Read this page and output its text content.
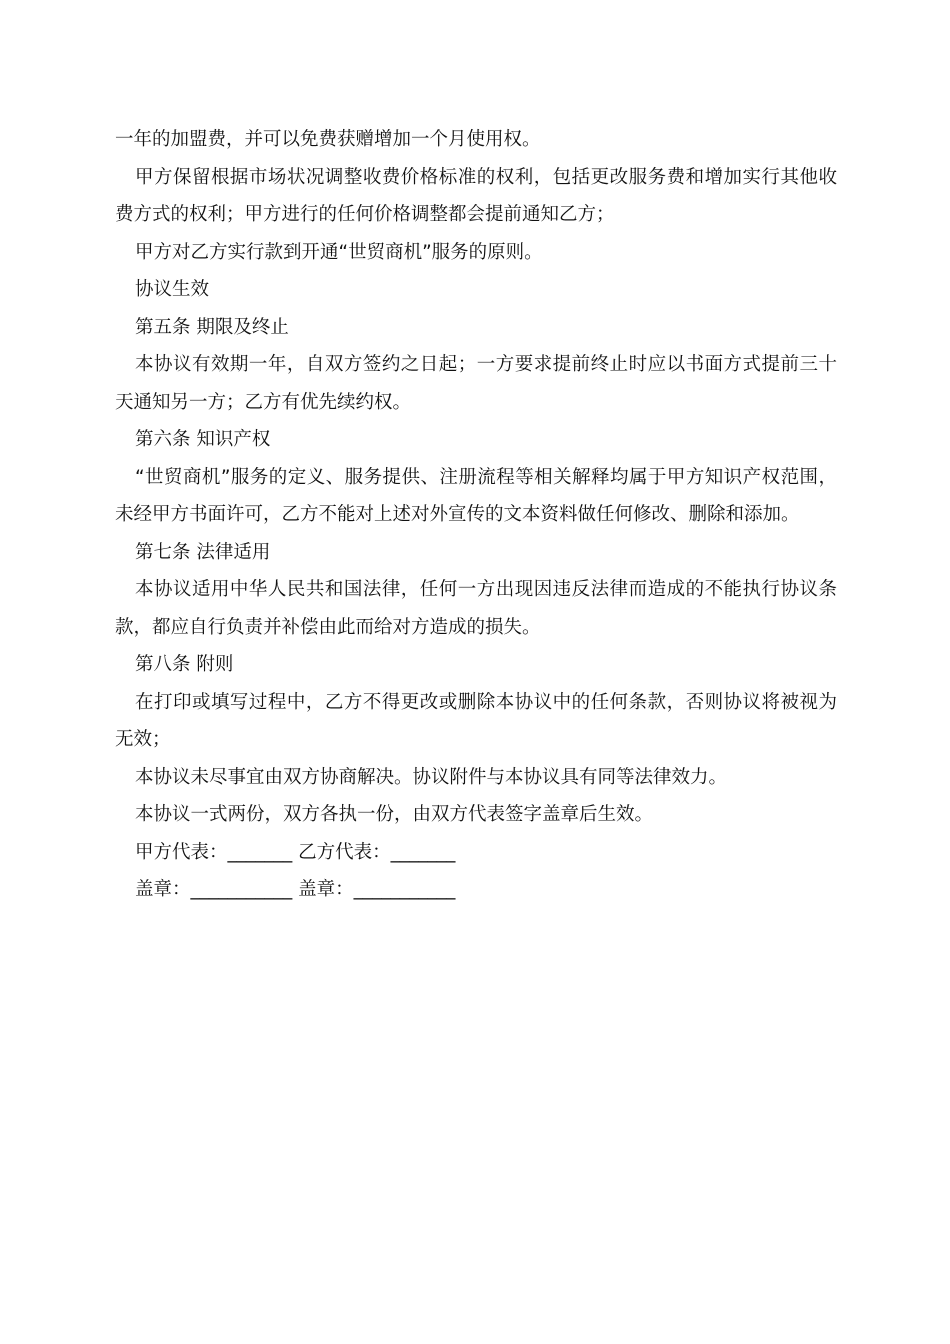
一年的加盟费，并可以免费获赠增加一个月使用权。

甲方保留根据市场状况调整收费价格标准的权利，包括更改服务费和增加实行其他收费方式的权利；甲方进行的任何价格调整都会提前通知乙方；

甲方对乙方实行款到开通“世贸商机”服务的原则。

协议生效

第五条 期限及终止

本协议有效期一年，自双方签约之日起；一方要求提前终止时应以书面方式提前三十天通知另一方；乙方有优先续约权。

第六条 知识产权

“世贸商机”服务的定义、服务提供、注册流程等相关解释均属于甲方知识产权范围，未经甲方书面许可，乙方不能对上述对外宣传的文本资料做任何修改、删除和添加。

第七条 法律适用

本协议适用中华人民共和国法律，任何一方出现因违反法律而造成的不能执行协议条款，都应自行负责并补偿由此而给对方造成的损失。

第八条 附则

在打印或填写过程中，乙方不得更改或删除本协议中的任何条款，否则协议将被视为无效；

本协议未尽事宜由双方协商解决。协议附件与本协议具有同等法律效力。

本协议一式两份，双方各执一份，由双方代表签字盖章后生效。

甲方代表：_______ 乙方代表：_______

盖章：___________ 盖章：___________
